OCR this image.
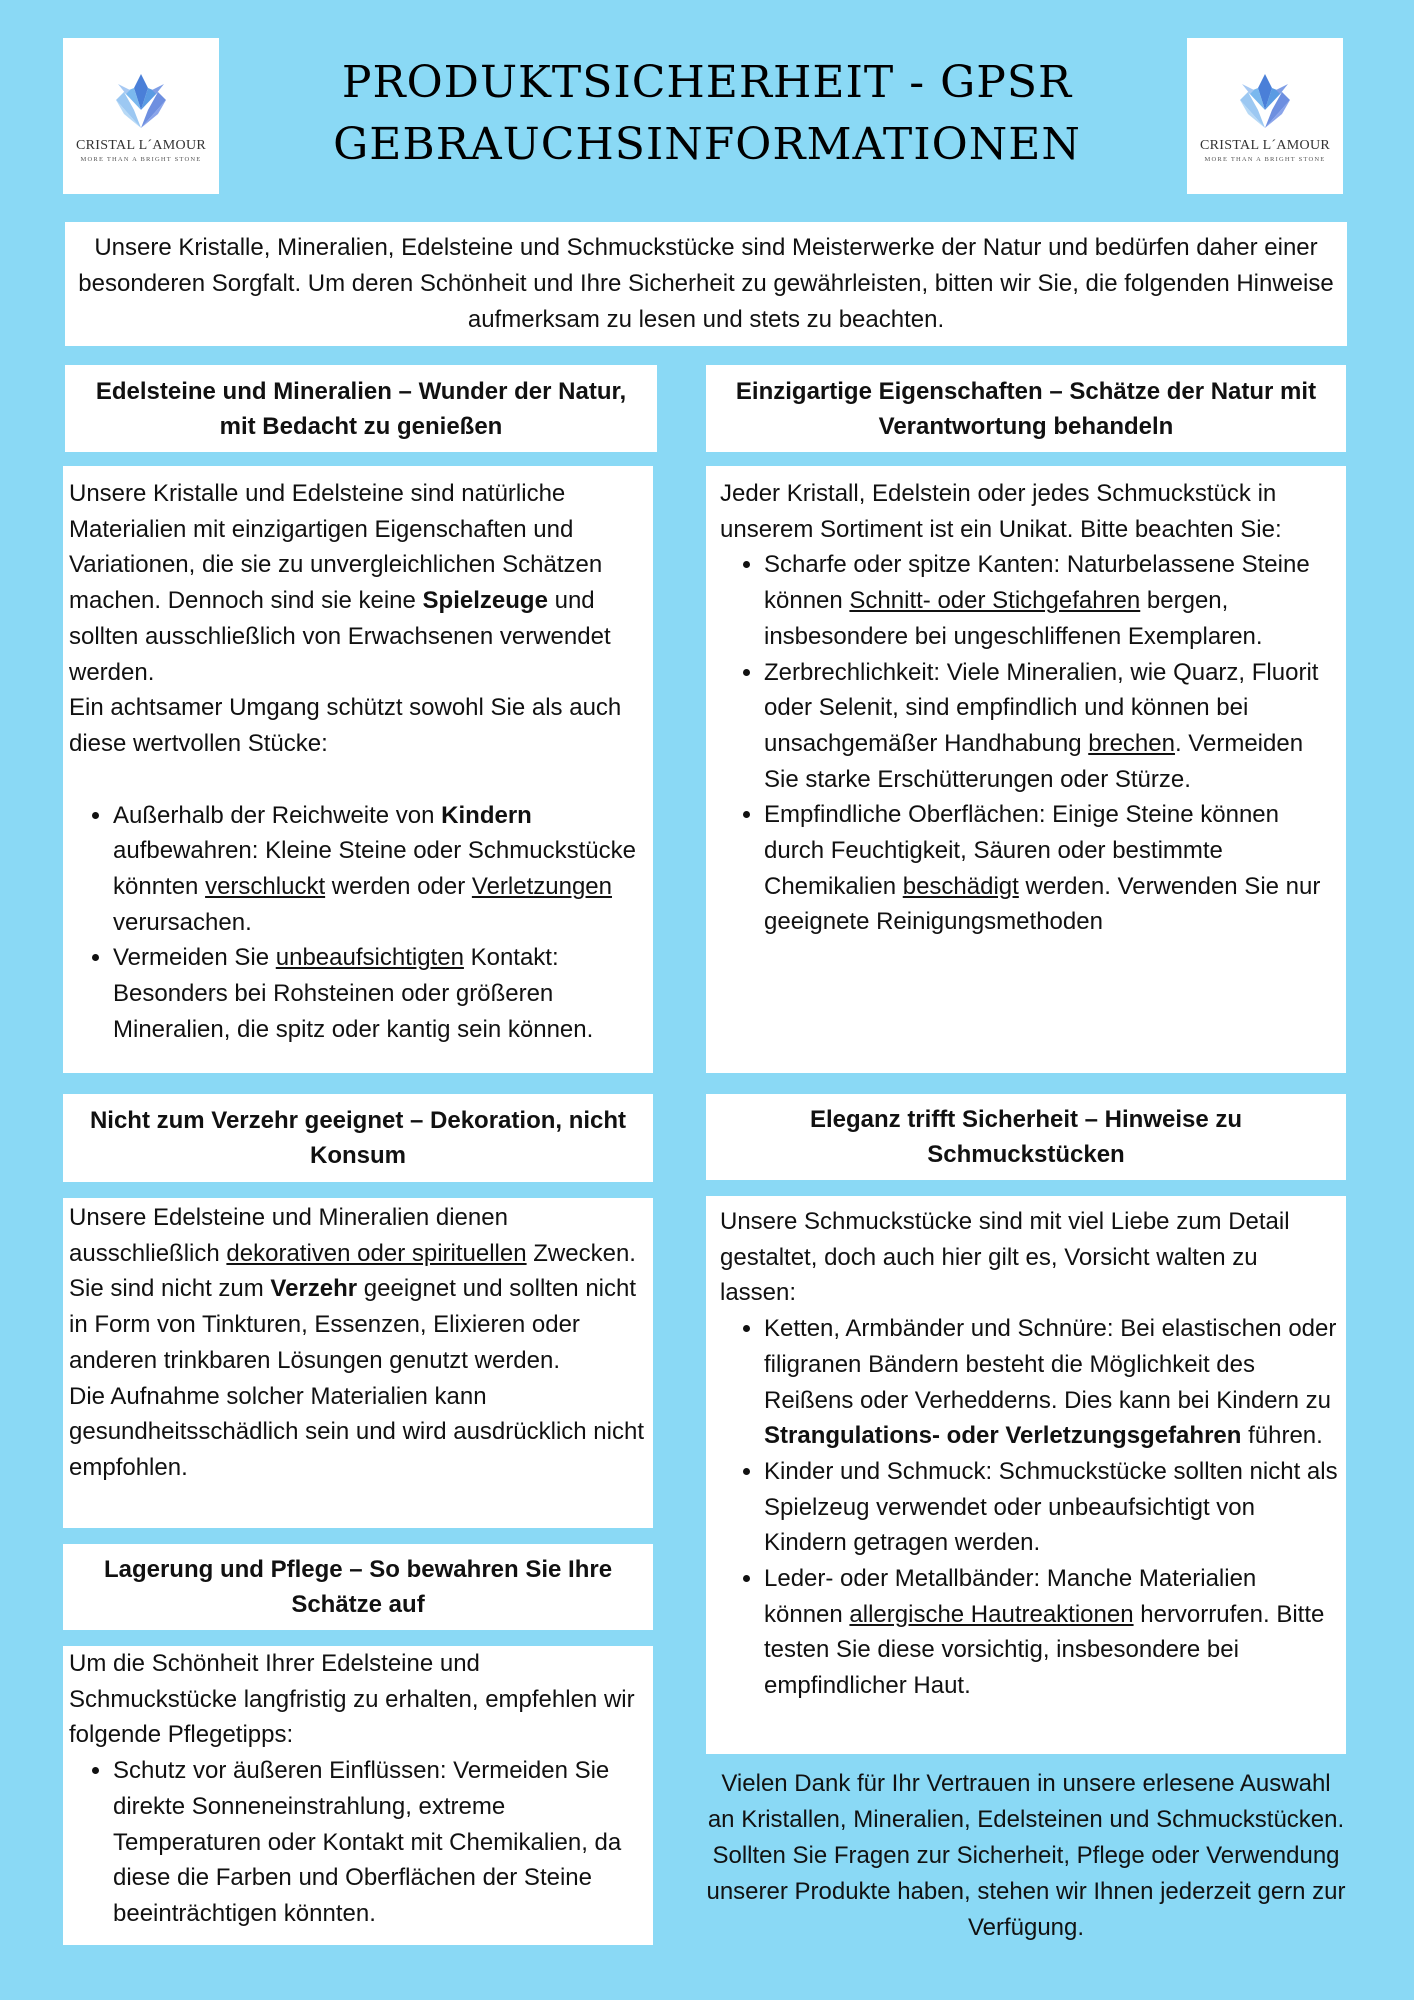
CRISTAL L´AMOUR
MORE THAN A BRIGHT STONE
PRODUKTSICHERHEIT - GPSR
GEBRAUCHSINFORMATIONEN	CRISTAL L´AMOUR
MORE THAN A BRIGHT STONE
Unsere Kristalle, Mineralien, Edelsteine und Schmuckstücke sind Meisterwerke der Natur und bedürfen daher einer besonderen Sorgfalt. Um deren Schönheit und Ihre Sicherheit zu gewährleisten, bitten wir Sie, die folgenden Hinweise aufmerksam zu lesen und stets zu beachten.
Edelsteine und Mineralien – Wunder der Natur, mit Bedacht zu genießen
Einzigartige Eigenschaften – Schätze der Natur mit Verantwortung behandeln

Unsere Kristalle und Edelsteine sind natürliche Materialien mit einzigartigen Eigenschaften und Variationen, die sie zu unvergleichlichen Schätzen machen. Dennoch sind sie keine Spielzeuge und sollten ausschließlich von Erwachsenen verwendet werden.

Ein achtsamer Umgang schützt sowohl Sie als auch diese wertvollen Stücke:

• Außerhalb der Reichweite von Kindern aufbewahren: Kleine Steine oder Schmuckstücke könnten verschluckt werden oder Verletzungen verursachen.
• Vermeiden Sie unbeaufsichtigten Kontakt: Besonders bei Rohsteinen oder größeren Mineralien, die spitz oder kantig sein können.

Jeder Kristall, Edelstein oder jedes Schmuckstück in unserem Sortiment ist ein Unikat. Bitte beachten Sie:

• Scharfe oder spitze Kanten: Naturbelassene Steine können Schnitt- oder Stichgefahren bergen, insbesondere bei ungeschliffenen Exemplaren.
• Zerbrechlichkeit: Viele Mineralien, wie Quarz, Fluorit oder Selenit, sind empfindlich und können bei unsachgemäßer Handhabung brechen. Vermeiden Sie starke Erschütterungen oder Stürze.
• Empfindliche Oberflächen: Einige Steine können durch Feuchtigkeit, Säuren oder bestimmte Chemikalien beschädigt werden. Verwenden Sie nur geeignete Reinigungsmethoden
Nicht zum Verzehr geeignet – Dekoration, nicht Konsum
Eleganz trifft Sicherheit – Hinweise zu Schmuckstücken

Unsere Edelsteine und Mineralien dienen ausschließlich dekorativen oder spirituellen Zwecken. Sie sind nicht zum Verzehr geeignet und sollten nicht in Form von Tinkturen, Essenzen, Elixieren oder anderen trinkbaren Lösungen genutzt werden.

Die Aufnahme solcher Materialien kann gesundheitsschädlich sein und wird ausdrücklich nicht empfohlen.

Unsere Schmuckstücke sind mit viel Liebe zum Detail gestaltet, doch auch hier gilt es, Vorsicht walten zu lassen:

• Ketten, Armbänder und Schnüre: Bei elastischen oder filigranen Bändern besteht die Möglichkeit des Reißens oder Verhedderns. Dies kann bei Kindern zu Strangulations- oder Verletzungsgefahren führen.
• Kinder und Schmuck: Schmuckstücke sollten nicht als Spielzeug verwendet oder unbeaufsichtigt von Kindern getragen werden.
• Leder- oder Metallbänder: Manche Materialien können allergische Hautreaktionen hervorrufen. Bitte testen Sie diese vorsichtig, insbesondere bei empfindlicher Haut.
Lagerung und Pflege – So bewahren Sie Ihre Schätze auf

Um die Schönheit Ihrer Edelsteine und Schmuckstücke langfristig zu erhalten, empfehlen wir folgende Pflegetipps:

• Schutz vor äußeren Einflüssen: Vermeiden Sie direkte Sonneneinstrahlung, extreme Temperaturen oder Kontakt mit Chemikalien, da diese die Farben und Oberflächen der Steine beeinträchtigen könnten.
Vielen Dank für Ihr Vertrauen in unsere erlesene Auswahl an Kristallen, Mineralien, Edelsteinen und Schmuckstücken. Sollten Sie Fragen zur Sicherheit, Pflege oder Verwendung unserer Produkte haben, stehen wir Ihnen jederzeit gern zur Verfügung.
